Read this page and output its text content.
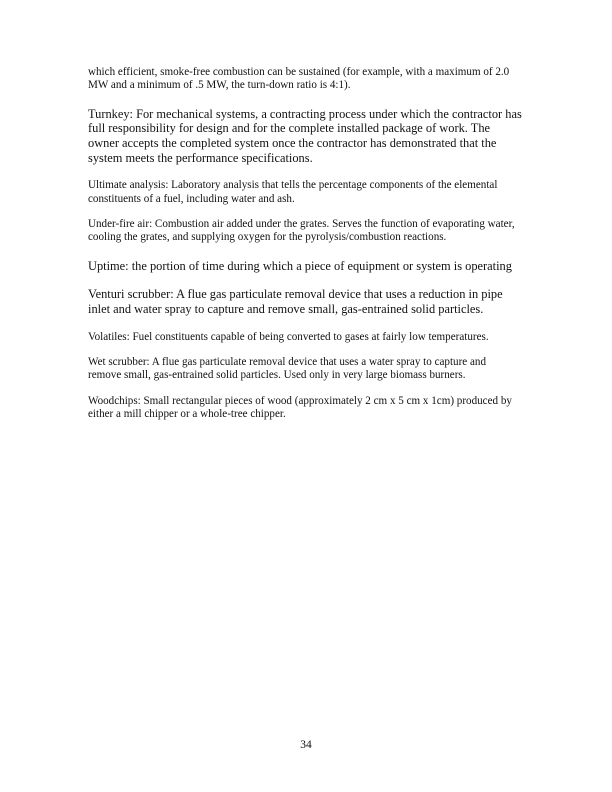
which efficient, smoke-free combustion can be sustained (for example, with a maximum of 2.0 MW and a minimum of .5 MW, the turn-down ratio is 4:1).

Turnkey: For mechanical systems, a contracting process under which the contractor has full responsibility for design and for the complete installed package of work. The owner accepts the completed system once the contractor has demonstrated that the system meets the performance specifications.

Ultimate analysis: Laboratory analysis that tells the percentage components of the elemental constituents of a fuel, including water and ash.

Under-fire air: Combustion air added under the grates. Serves the function of evaporating water, cooling the grates, and supplying oxygen for the pyrolysis/combustion reactions.

Uptime: the portion of time during which a piece of equipment or system is operating

Venturi scrubber: A flue gas particulate removal device that uses a reduction in pipe inlet and water spray to capture and remove small, gas-entrained solid particles.

Volatiles: Fuel constituents capable of being converted to gases at fairly low temperatures.

Wet scrubber: A flue gas particulate removal device that uses a water spray to capture and remove small, gas-entrained solid particles. Used only in very large biomass burners.

Woodchips: Small rectangular pieces of wood (approximately 2 cm x 5 cm x 1cm) produced by either a mill chipper or a whole-tree chipper.

34
